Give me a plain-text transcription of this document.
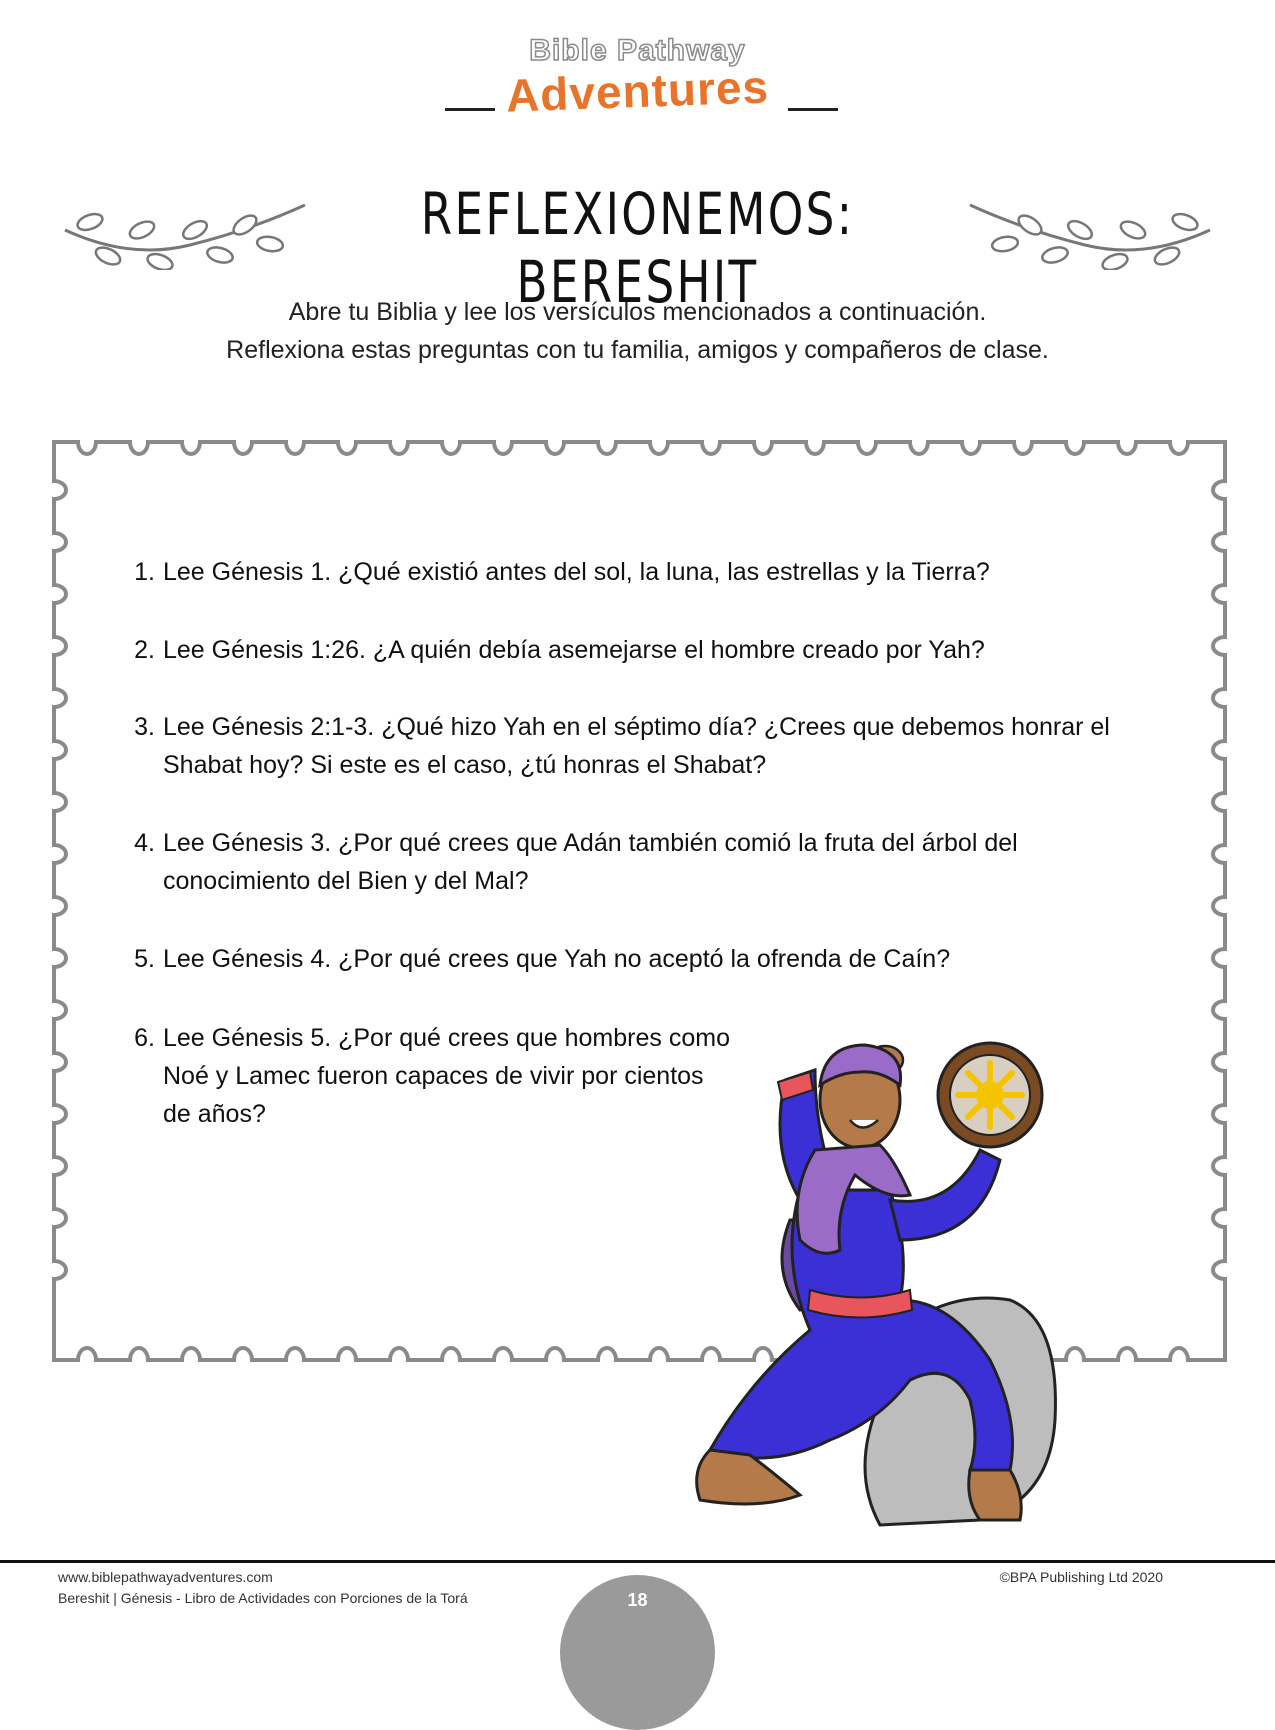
Bible Pathway
Adventures
REFLEXIONEMOS: BERESHIT
Abre tu Biblia y lee los versículos mencionados a continuación.
Reflexiona estas preguntas con tu familia, amigos y compañeros de clase.
1. Lee Génesis 1. ¿Qué existió antes del sol, la luna, las estrellas y la Tierra?
2. Lee Génesis 1:26. ¿A quién debía asemejarse el hombre creado por Yah?
3. Lee Génesis 2:1-3. ¿Qué hizo Yah en el séptimo día? ¿Crees que debemos honrar el
Shabat hoy? Si este es el caso, ¿tú honras el Shabat?
4. Lee Génesis 3. ¿Por qué crees que Adán también comió la fruta del árbol del
conocimiento del Bien y del Mal?
5. Lee Génesis 4. ¿Por qué crees que Yah no aceptó la ofrenda de Caín?
6. Lee Génesis 5. ¿Por qué crees que hombres como
Noé y Lamec fueron capaces de vivir por cientos
de años?
www.biblepathwayadventures.com
Bereshit | Génesis - Libro de Actividades con Porciones de la Torá
©BPA Publishing Ltd 2020
18
